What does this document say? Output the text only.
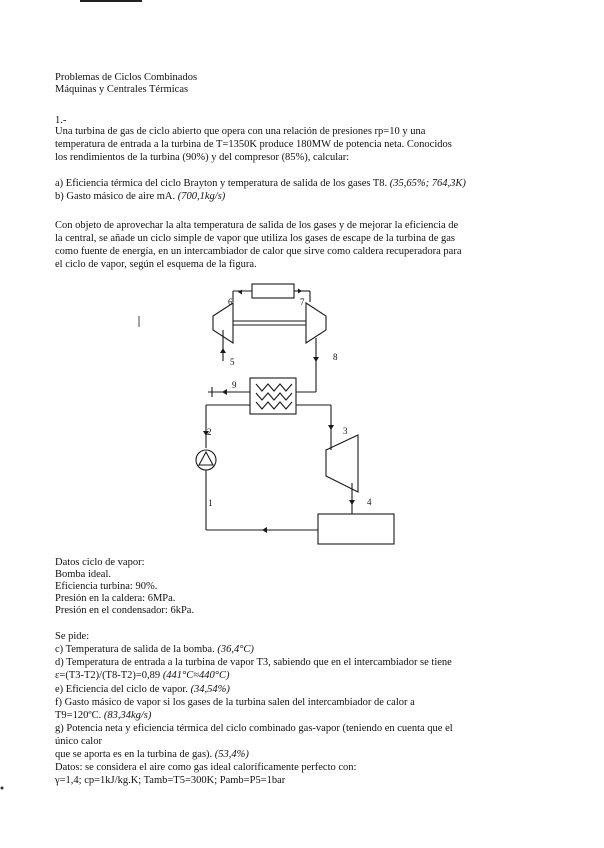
Problemas de Ciclos Combinados
Máquinas y Centrales Térmicas
1.-
Una turbina de gas de ciclo abierto que opera con una relación de presiones rp=10 y una
temperatura de entrada a la turbina de T=1350K produce 180MW de potencia neta. Conocidos
los rendimientos de la turbina (90%) y del compresor (85%), calcular:
a) Eficiencia térmica del ciclo Brayton y temperatura de salida de los gases T8. (35,65%; 764,3K)
b) Gasto másico de aire mA. (700,1kg/s)
Con objeto de aprovechar la alta temperatura de salida de los gases y de mejorar la eficiencia de
la central, se añade un ciclo simple de vapor que utiliza los gases de escape de la turbina de gas
como fuente de energía, en un intercambiador de calor que sirve como caldera recuperadora para
el ciclo de vapor, según el esquema de la figura.
6	7
5	8
9
2	3
1	4
Datos ciclo de vapor:
Bomba ideal.
Eficiencia turbina: 90%.
Presión en la caldera: 6MPa.
Presión en el condensador: 6kPa.
Se pide:
c) Temperatura de salida de la bomba. (36,4°C)
d) Temperatura de entrada a la turbina de vapor T3, sabiendo que en el intercambiador se tiene
ε=(T3-T2)/(T8-T2)=0,89 (441°C≈440°C)
e) Eficiencia del ciclo de vapor. (34,54%)
f) Gasto másico de vapor si los gases de la turbina salen del intercambiador de calor a
T9=120ºC. (83,34kg/s)
g) Potencia neta y eficiencia térmica del ciclo combinado gas-vapor (teniendo en cuenta que el
único calor
que se aporta es en la turbina de gas). (53,4%)
Datos: se considera el aire como gas ideal caloríficamente perfecto con:
γ=1,4; cp=1kJ/kg.K; Tamb=T5=300K; Pamb=P5=1bar
